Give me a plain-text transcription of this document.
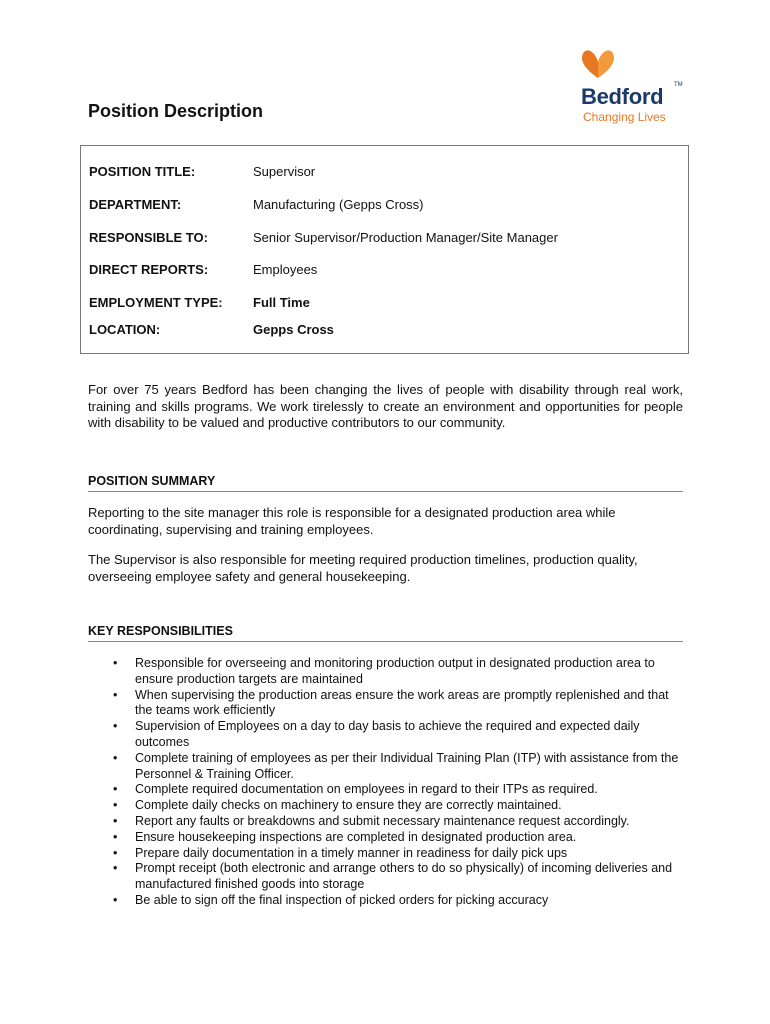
Position Description
Bedford TM
Changing Lives
POSITION TITLE:	Supervisor
DEPARTMENT:	Manufacturing (Gepps Cross)
RESPONSIBLE TO:	Senior Supervisor/Production Manager/Site Manager
DIRECT REPORTS:	Employees
EMPLOYMENT TYPE:	Full Time
LOCATION:	Gepps Cross
For over 75 years Bedford has been changing the lives of people with disability through real work, training and skills programs. We work tirelessly to create an environment and opportunities for people with disability to be valued and productive contributors to our community.
POSITION SUMMARY
Reporting to the site manager this role is responsible for a designated production area while coordinating, supervising and training employees.
The Supervisor is also responsible for meeting required production timelines, production quality, overseeing employee safety and general housekeeping.
KEY RESPONSIBILITIES
• Responsible for overseeing and monitoring production output in designated production area to ensure production targets are maintained
• When supervising the production areas ensure the work areas are promptly replenished and that the teams work efficiently
• Supervision of Employees on a day to day basis to achieve the required and expected daily outcomes
• Complete training of employees as per their Individual Training Plan (ITP) with assistance from the Personnel & Training Officer.
• Complete required documentation on employees in regard to their ITPs as required.
• Complete daily checks on machinery to ensure they are correctly maintained.
• Report any faults or breakdowns and submit necessary maintenance request accordingly.
• Ensure housekeeping inspections are completed in designated production area.
• Prepare daily documentation in a timely manner in readiness for daily pick ups
• Prompt receipt (both electronic and arrange others to do so physically) of incoming deliveries and manufactured finished goods into storage
• Be able to sign off the final inspection of picked orders for picking accuracy
